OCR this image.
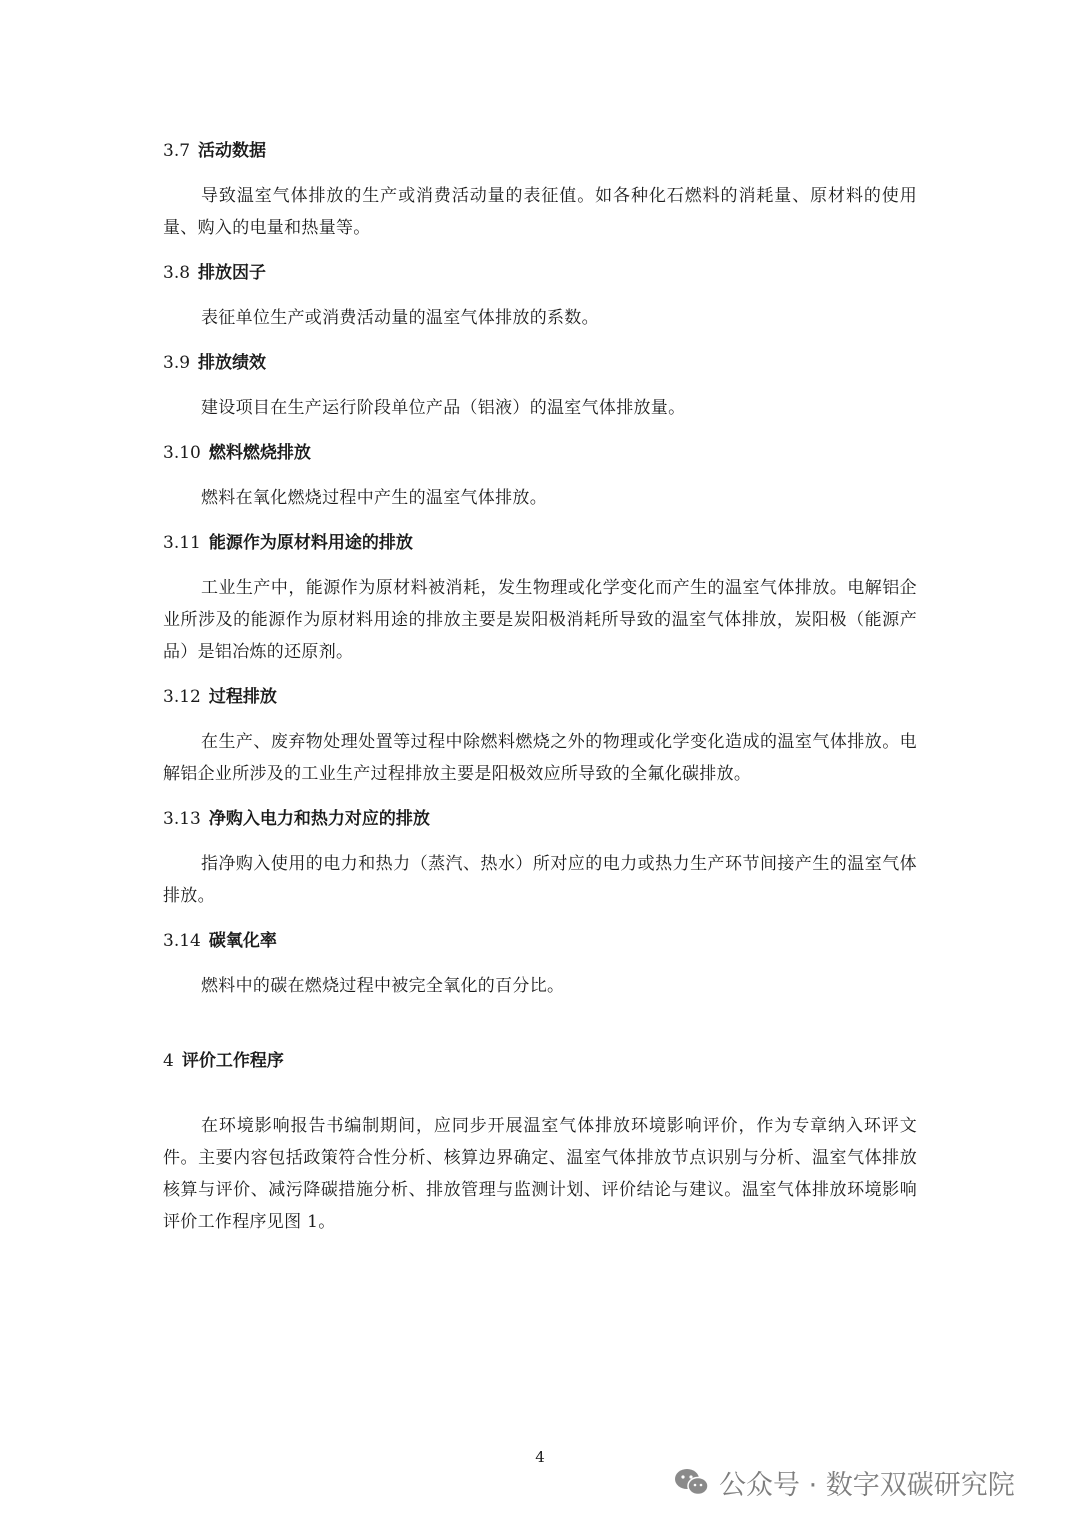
3.7 活动数据

导致温室气体排放的生产或消费活动量的表征值。如各种化石燃料的消耗量、原材料的使用量、购入的电量和热量等。

3.8 排放因子

表征单位生产或消费活动量的温室气体排放的系数。

3.9 排放绩效

建设项目在生产运行阶段单位产品（铝液）的温室气体排放量。

3.10 燃料燃烧排放

燃料在氧化燃烧过程中产生的温室气体排放。

3.11 能源作为原材料用途的排放

工业生产中，能源作为原材料被消耗，发生物理或化学变化而产生的温室气体排放。电解铝企业所涉及的能源作为原材料用途的排放主要是炭阳极消耗所导致的温室气体排放，炭阳极（能源产品）是铝冶炼的还原剂。

3.12 过程排放

在生产、废弃物处理处置等过程中除燃料燃烧之外的物理或化学变化造成的温室气体排放。电解铝企业所涉及的工业生产过程排放主要是阳极效应所导致的全氟化碳排放。

3.13 净购入电力和热力对应的排放

指净购入使用的电力和热力（蒸汽、热水）所对应的电力或热力生产环节间接产生的温室气体排放。

3.14 碳氧化率

燃料中的碳在燃烧过程中被完全氧化的百分比。

4 评价工作程序

在环境影响报告书编制期间，应同步开展温室气体排放环境影响评价，作为专章纳入环评文件。主要内容包括政策符合性分析、核算边界确定、温室气体排放节点识别与分析、温室气体排放核算与评价、减污降碳措施分析、排放管理与监测计划、评价结论与建议。温室气体排放环境影响评价工作程序见图 1。

4
公众号 · 数字双碳研究院
